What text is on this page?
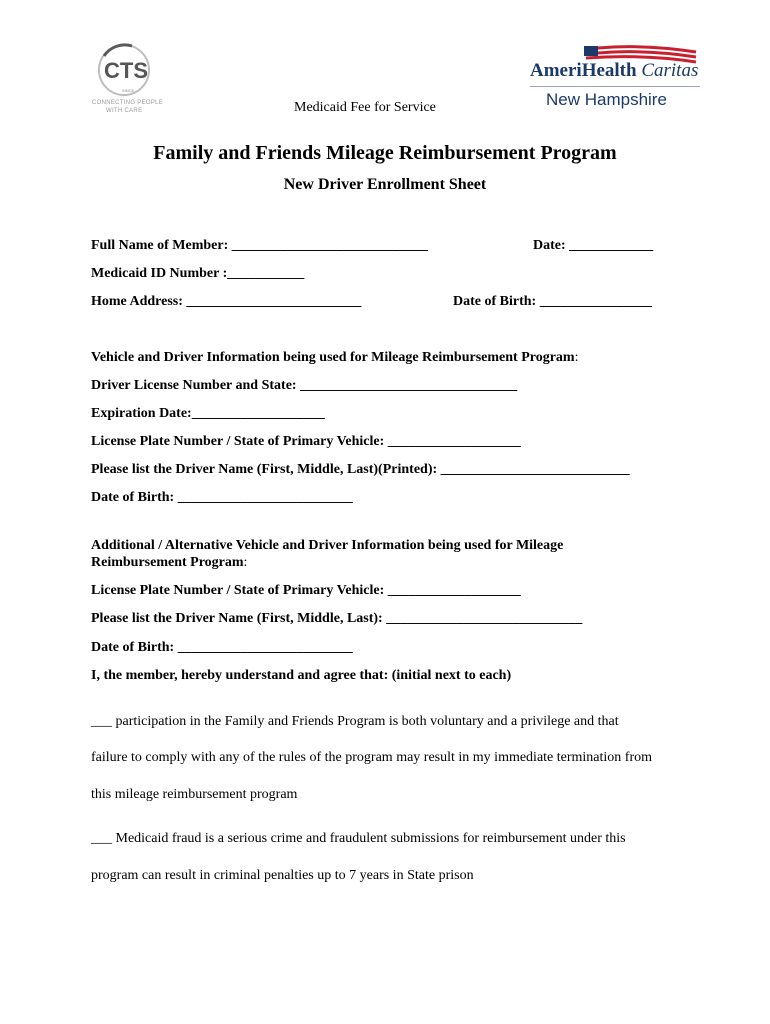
CTS
SINCE
CONNECTING PEOPLE
WITH CARE	Medicaid Fee for Service
AmeriHealth Caritas
New Hampshire
Family and Friends Mileage Reimbursement Program
New Driver Enrollment Sheet
Full Name of Member: ____________________________	Date: ____________
Medicaid ID Number :___________
Home Address: _________________________	Date of Birth: ________________
Vehicle and Driver Information being used for Mileage Reimbursement Program:
Driver License Number and State: _______________________________
Expiration Date:___________________
License Plate Number / State of Primary Vehicle: ___________________
Please list the Driver Name (First, Middle, Last)(Printed): ___________________________
Date of Birth: _________________________
Additional / Alternative Vehicle and Driver Information being used for Mileage
Reimbursement Program:
License Plate Number / State of Primary Vehicle: ___________________
Please list the Driver Name (First, Middle, Last): ____________________________
Date of Birth: _________________________
I, the member, hereby understand and agree that: (initial next to each)
___ participation in the Family and Friends Program is both voluntary and a privilege and that
failure to comply with any of the rules of the program may result in my immediate termination from
this mileage reimbursement program
___ Medicaid fraud is a serious crime and fraudulent submissions for reimbursement under this
program can result in criminal penalties up to 7 years in State prison
